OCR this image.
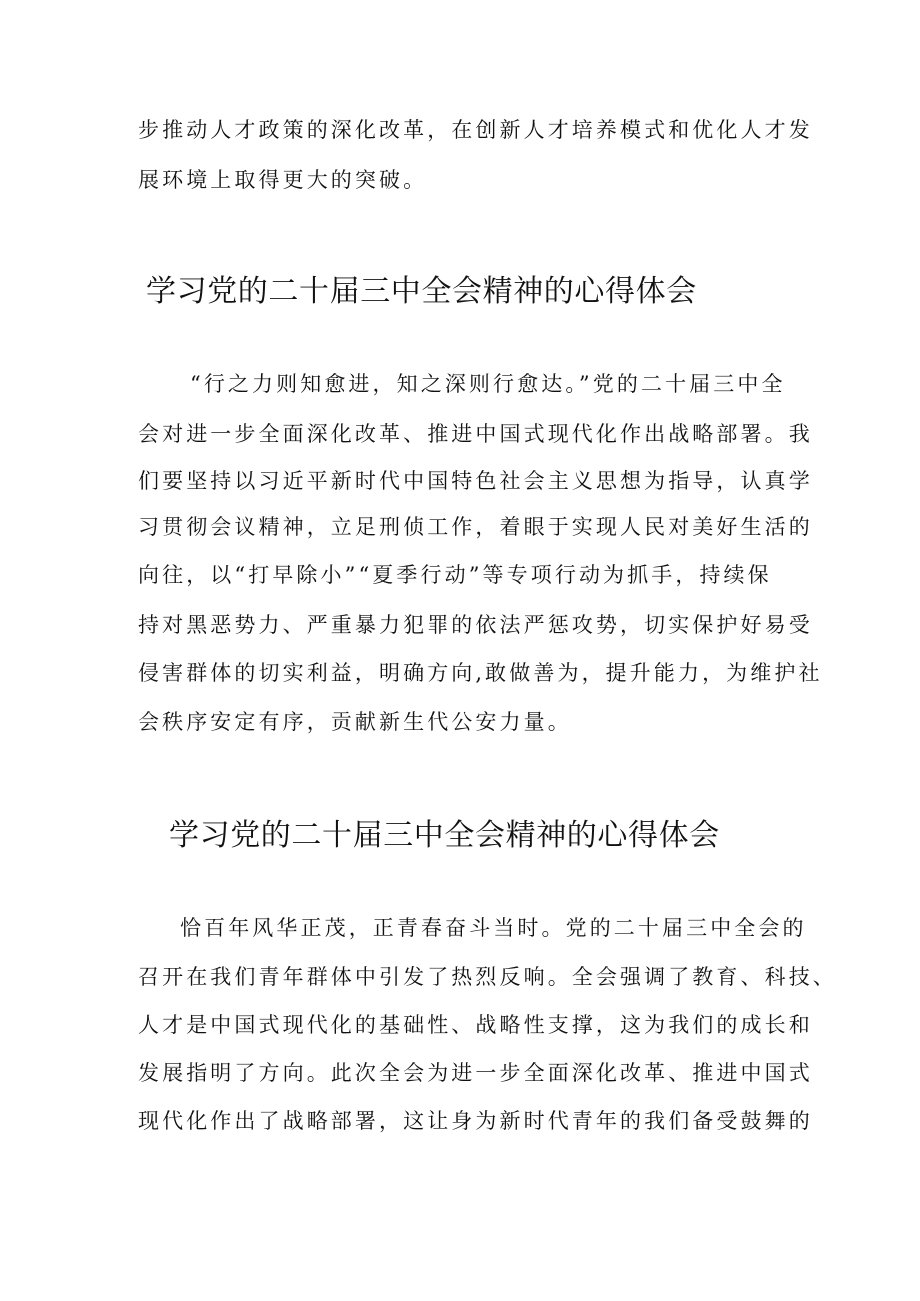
步推动人才政策的深化改革，在创新人才培养模式和优化人才发

展环境上取得更大的突破。

学习党的二十届三中全会精神的心得体会

“行之力则知愈进，知之深则行愈达。”党的二十届三中全

会对进一步全面深化改革、推进中国式现代化作出战略部署。我

们要坚持以习近平新时代中国特色社会主义思想为指导，认真学

习贯彻会议精神，立足刑侦工作，着眼于实现人民对美好生活的

向往，以“打早除小”“夏季行动”等专项行动为抓手，持续保

持对黑恶势力、严重暴力犯罪的依法严惩攻势，切实保护好易受

侵害群体的切实利益，明确方向,敢做善为，提升能力，为维护社

会秩序安定有序，贡献新生代公安力量。

学习党的二十届三中全会精神的心得体会

恰百年风华正茂，正青春奋斗当时。党的二十届三中全会的

召开在我们青年群体中引发了热烈反响。全会强调了教育、科技、

人才是中国式现代化的基础性、战略性支撑，这为我们的成长和

发展指明了方向。此次全会为进一步全面深化改革、推进中国式

现代化作出了战略部署，这让身为新时代青年的我们备受鼓舞的
